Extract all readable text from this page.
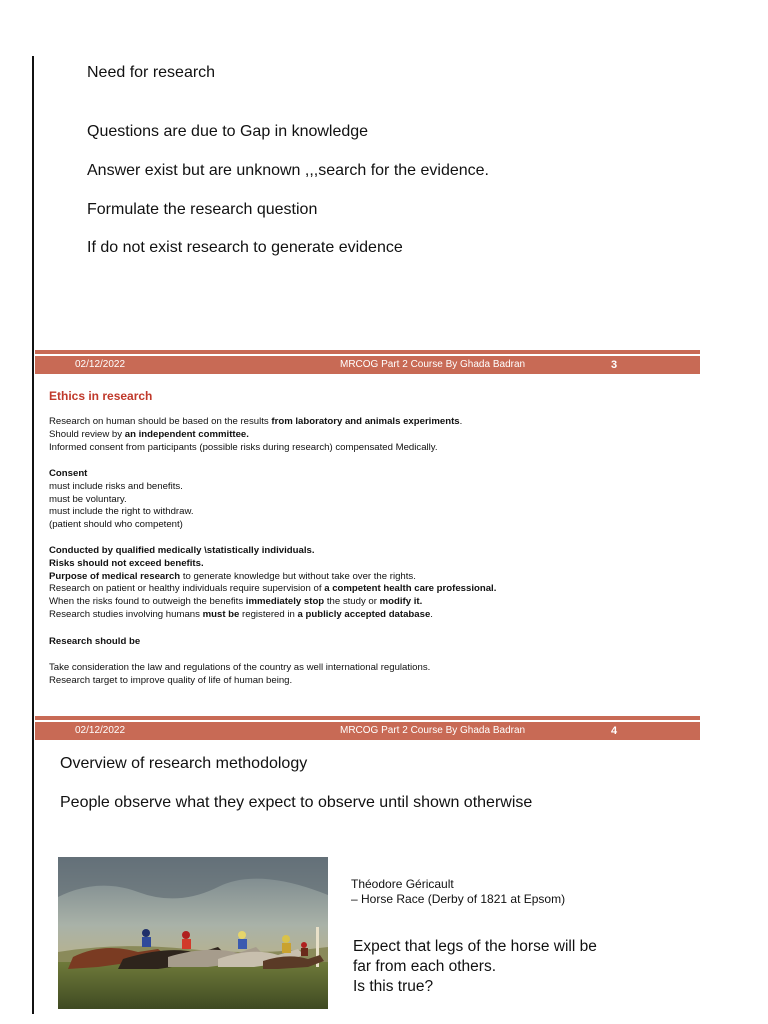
Need for research
Questions are due to Gap in knowledge
Answer exist but are unknown ,,,search for the evidence.
Formulate the research question
If do not exist research to generate evidence
02/12/2022	MRCOG Part 2 Course By Ghada Badran	3
Ethics in research

Research on human should be based on the results from laboratory and animals experiments.

Should review by an independent committee.

Informed consent from participants (possible risks during research) compensated Medically.

Consent

must include risks and benefits.

must be voluntary.

must include the right to withdraw.

(patient should who competent)

Conducted by qualified medically \statistically individuals.

Risks should not exceed benefits.

Purpose of medical research to generate knowledge but without take over the rights.

Research on patient or healthy individuals require supervision of a competent health care professional.

When the risks found to outweigh the benefits immediately stop the study or modify it.

Research studies involving humans must be registered in a publicly accepted database.

Research should be

Take consideration the law and regulations of the country as well international regulations.

Research target to improve quality of life of human being.

02/12/2022	MRCOG Part 2 Course By Ghada Badran	4
Overview of research methodology
People observe what they expect to observe until shown otherwise
Théodore Géricault
– Horse Race (Derby of 1821 at Epsom)
Expect that legs of the horse will be
far from each others.
Is this true?
